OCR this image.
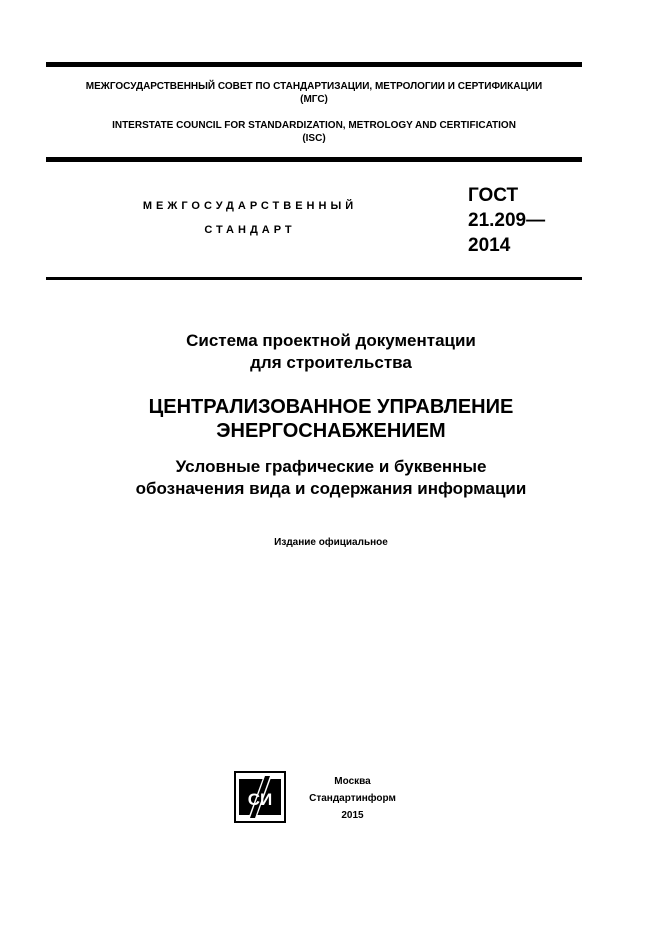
МЕЖГОСУДАРСТВЕННЫЙ СОВЕТ ПО СТАНДАРТИЗАЦИИ, МЕТРОЛОГИИ И СЕРТИФИКАЦИИ
(МГС)
INTERSTATE COUNCIL FOR STANDARDIZATION, METROLOGY AND CERTIFICATION
(ISC)
МЕЖГОСУДАРСТВЕННЫЙ
СТАНДАРТ
ГОСТ
21.209—
2014
Система проектной документации
для строительства
ЦЕНТРАЛИЗОВАННОЕ УПРАВЛЕНИЕ
ЭНЕРГОСНАБЖЕНИЕМ
Условные графические и буквенные
обозначения вида и содержания информации
Издание официальное
СИ
Москва
Стандартинформ
2015
